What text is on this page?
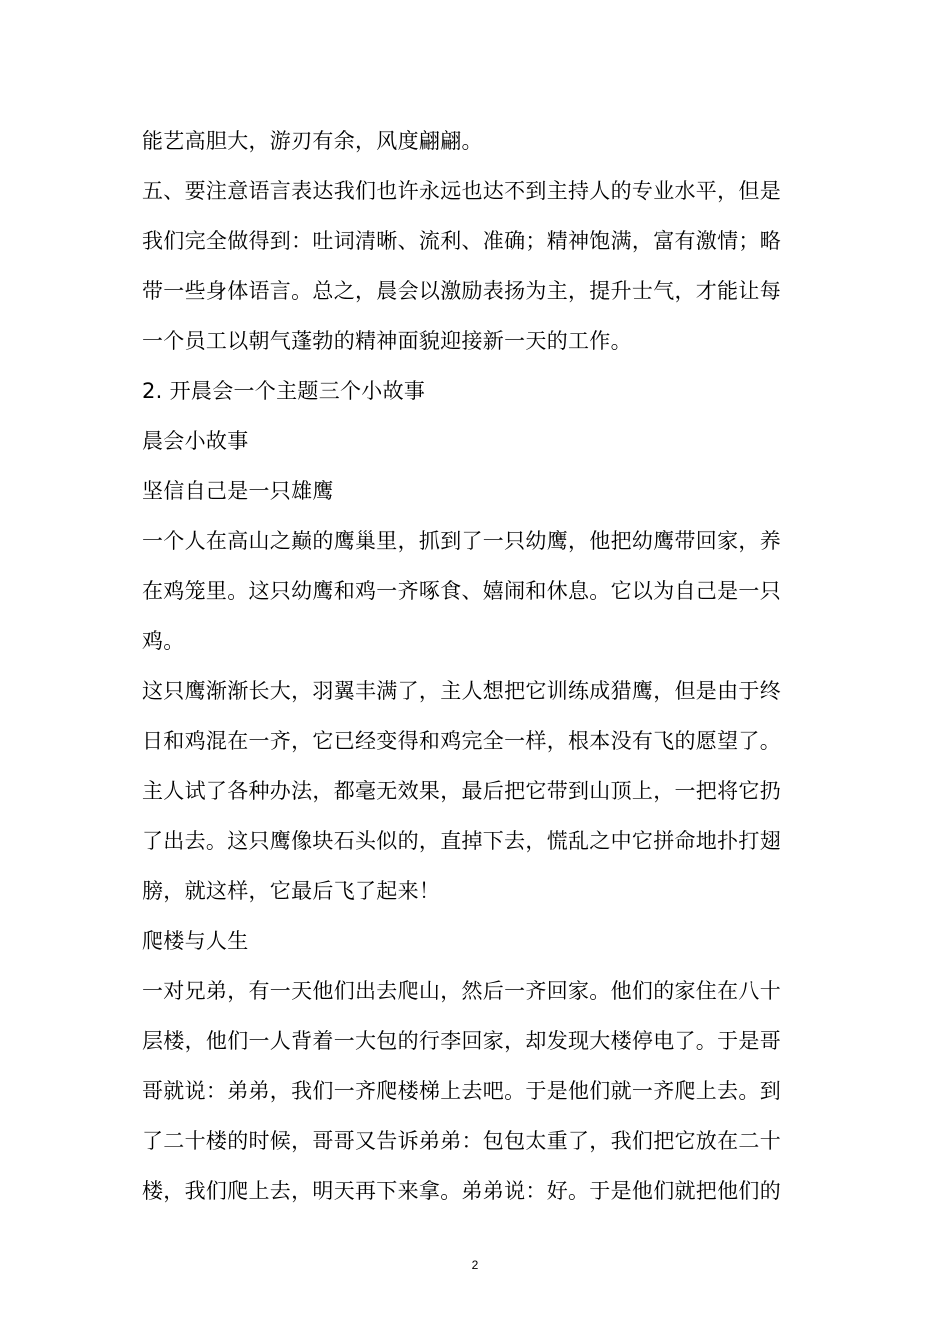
能艺高胆大，游刃有余，风度翩翩。
五、要注意语言表达我们也许永远也达不到主持人的专业水平，但是
我们完全做得到：吐词清晰、流利、准确；精神饱满，富有激情；略
带一些身体语言。总之，晨会以激励表扬为主，提升士气，才能让每
一个员工以朝气蓬勃的精神面貌迎接新一天的工作。
2. 开晨会一个主题三个小故事
晨会小故事
坚信自己是一只雄鹰
一个人在高山之巅的鹰巢里，抓到了一只幼鹰，他把幼鹰带回家，养
在鸡笼里。这只幼鹰和鸡一齐啄食、嬉闹和休息。它以为自己是一只
鸡。
这只鹰渐渐长大，羽翼丰满了，主人想把它训练成猎鹰，但是由于终
日和鸡混在一齐，它已经变得和鸡完全一样，根本没有飞的愿望了。
主人试了各种办法，都毫无效果，最后把它带到山顶上，一把将它扔
了出去。这只鹰像块石头似的，直掉下去，慌乱之中它拼命地扑打翅
膀，就这样，它最后飞了起来！
爬楼与人生
一对兄弟，有一天他们出去爬山，然后一齐回家。他们的家住在八十
层楼，他们一人背着一大包的行李回家，却发现大楼停电了。于是哥
哥就说：弟弟，我们一齐爬楼梯上去吧。于是他们就一齐爬上去。到
了二十楼的时候，哥哥又告诉弟弟：包包太重了，我们把它放在二十
楼，我们爬上去，明天再下来拿。弟弟说：好。于是他们就把他们的
2
